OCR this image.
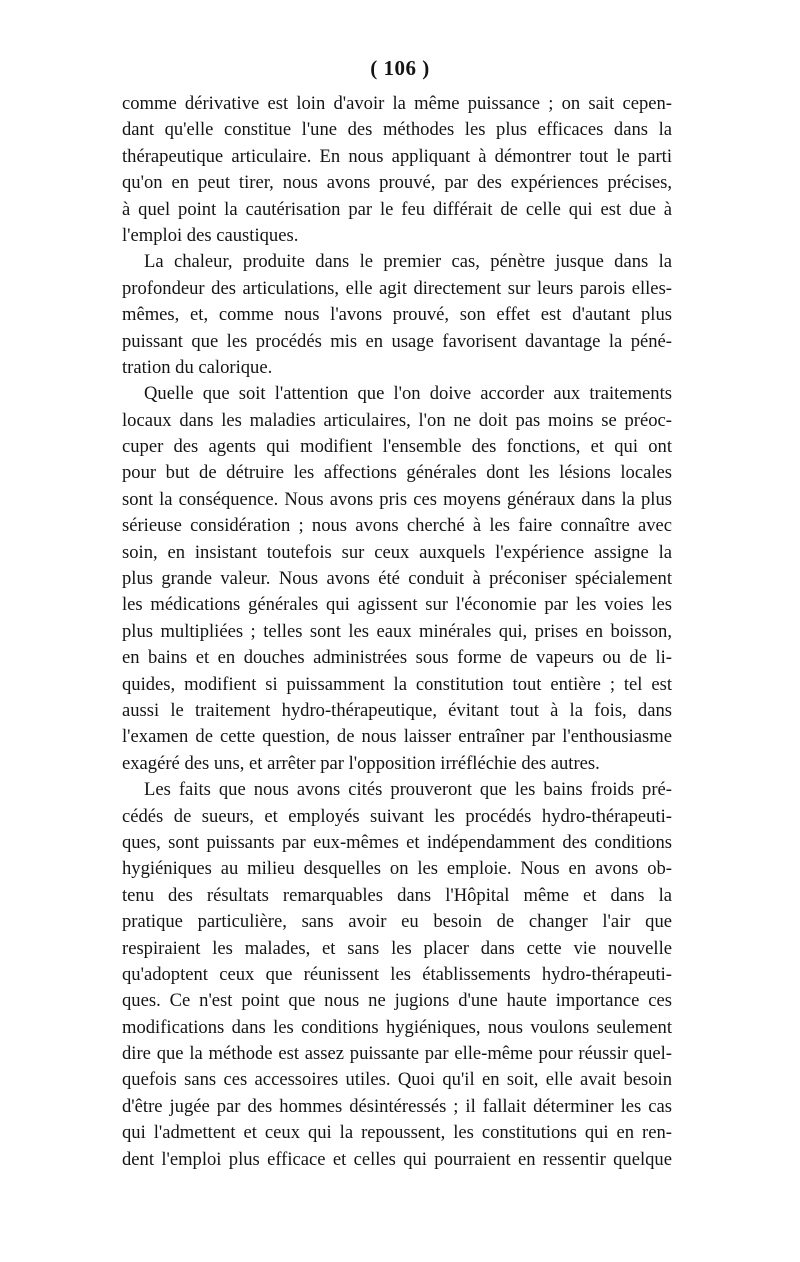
( 106 )
comme dérivative est loin d'avoir la même puissance ; on sait cepen-
dant qu'elle constitue l'une des méthodes les plus efficaces dans la
thérapeutique articulaire. En nous appliquant à démontrer tout le parti
qu'on en peut tirer, nous avons prouvé, par des expériences précises,
à quel point la cautérisation par le feu différait de celle qui est due à
l'emploi des caustiques.
La chaleur, produite dans le premier cas, pénètre jusque dans la
profondeur des articulations, elle agit directement sur leurs parois elles-
mêmes, et, comme nous l'avons prouvé, son effet est d'autant plus
puissant que les procédés mis en usage favorisent davantage la péné-
tration du calorique.
Quelle que soit l'attention que l'on doive accorder aux traitements
locaux dans les maladies articulaires, l'on ne doit pas moins se préoc-
cuper des agents qui modifient l'ensemble des fonctions, et qui ont
pour but de détruire les affections générales dont les lésions locales
sont la conséquence. Nous avons pris ces moyens généraux dans la plus
sérieuse considération ; nous avons cherché à les faire connaître avec
soin, en insistant toutefois sur ceux auxquels l'expérience assigne la
plus grande valeur. Nous avons été conduit à préconiser spécialement
les médications générales qui agissent sur l'économie par les voies les
plus multipliées ; telles sont les eaux minérales qui, prises en boisson,
en bains et en douches administrées sous forme de vapeurs ou de li-
quides, modifient si puissamment la constitution tout entière ; tel est
aussi le traitement hydro-thérapeutique, évitant tout à la fois, dans
l'examen de cette question, de nous laisser entraîner par l'enthousiasme
exagéré des uns, et arrêter par l'opposition irréfléchie des autres.
Les faits que nous avons cités prouveront que les bains froids pré-
cédés de sueurs, et employés suivant les procédés hydro-thérapeuti-
ques, sont puissants par eux-mêmes et indépendamment des conditions
hygiéniques au milieu desquelles on les emploie. Nous en avons ob-
tenu des résultats remarquables dans l'Hôpital même et dans la
pratique particulière, sans avoir eu besoin de changer l'air que
respiraient les malades, et sans les placer dans cette vie nouvelle
qu'adoptent ceux que réunissent les établissements hydro-thérapeuti-
ques. Ce n'est point que nous ne jugions d'une haute importance ces
modifications dans les conditions hygiéniques, nous voulons seulement
dire que la méthode est assez puissante par elle-même pour réussir quel-
quefois sans ces accessoires utiles. Quoi qu'il en soit, elle avait besoin
d'être jugée par des hommes désintéressés ; il fallait déterminer les cas
qui l'admettent et ceux qui la repoussent, les constitutions qui en ren-
dent l'emploi plus efficace et celles qui pourraient en ressentir quelque
